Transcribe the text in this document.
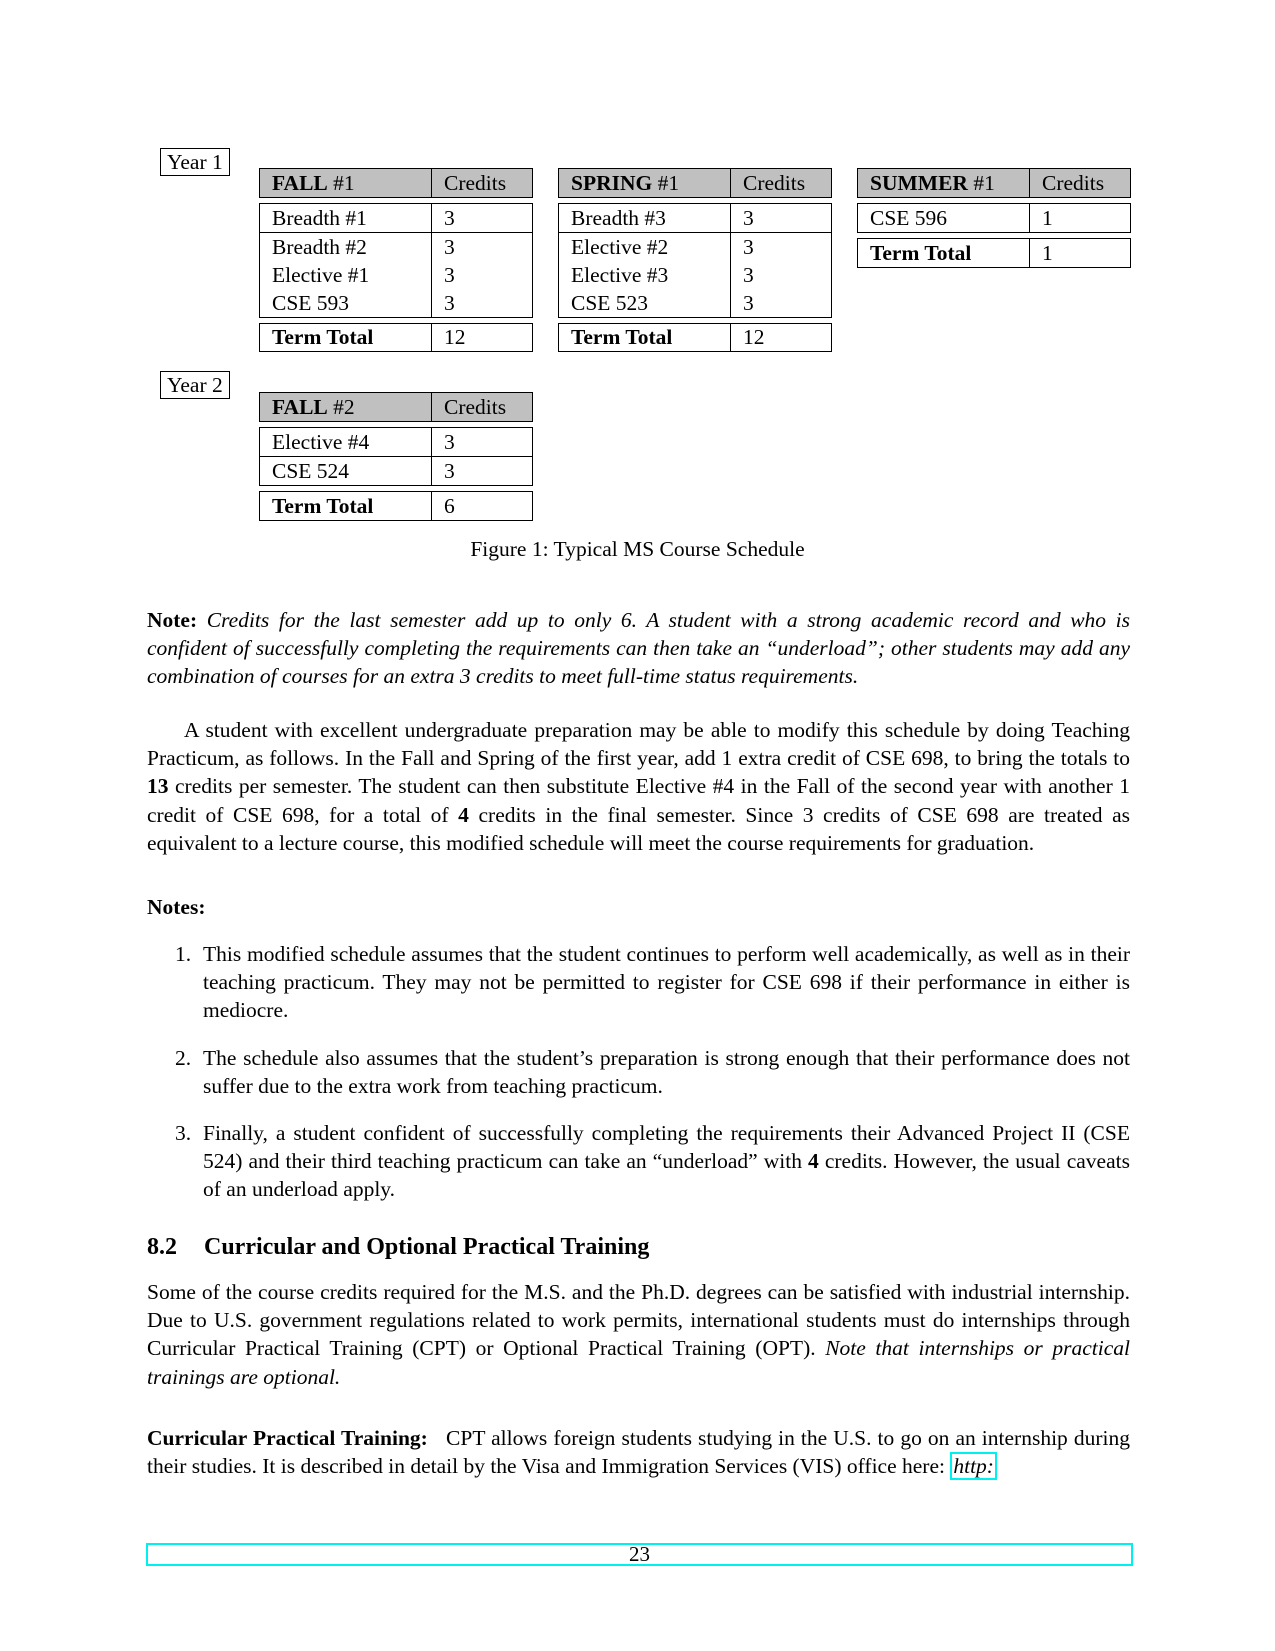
Year 1
Year 2
FALL #1	Credits
Breadth #1	3
Breadth #2	3
Elective #1	3
CSE 593	3
Term Total	12
SPRING #1	Credits
Breadth #3	3
Elective #2	3
Elective #3	3
CSE 523	3
Term Total	12
SUMMER #1	Credits
CSE 596	1
Term Total	1
FALL #2	Credits
Elective #4	3
CSE 524	3
Term Total	6
Figure 1: Typical MS Course Schedule

Note: Credits for the last semester add up to only 6. A student with a strong academic record and who is confident of successfully completing the requirements can then take an “underload”; other students may add any combination of courses for an extra 3 credits to meet full-time status requirements.

A student with excellent undergraduate preparation may be able to modify this schedule by doing Teaching Practicum, as follows. In the Fall and Spring of the first year, add 1 extra credit of CSE 698, to bring the totals to 13 credits per semester. The student can then substitute Elective #4 in the Fall of the second year with another 1 credit of CSE 698, for a total of 4 credits in the final semester. Since 3 credits of CSE 698 are treated as equivalent to a lecture course, this modified schedule will meet the course requirements for graduation.

Notes:
1. This modified schedule assumes that the student continues to perform well academically, as well as in their teaching practicum. They may not be permitted to register for CSE 698 if their performance in either is mediocre.
2. The schedule also assumes that the student’s preparation is strong enough that their performance does not suffer due to the extra work from teaching practicum.
3. Finally, a student confident of successfully completing the requirements their Advanced Project II (CSE 524) and their third teaching practicum can take an “underload” with 4 credits. However, the usual caveats of an underload apply.
8.2 Curricular and Optional Practical Training

Some of the course credits required for the M.S. and the Ph.D. degrees can be satisfied with industrial internship. Due to U.S. government regulations related to work permits, international students must do internships through Curricular Practical Training (CPT) or Optional Practical Training (OPT). Note that internships or practical trainings are optional.

Curricular Practical Training: CPT allows foreign students studying in the U.S. to go on an internship during their studies. It is described in detail by the Visa and Immigration Services (VIS) office here: http:

23
